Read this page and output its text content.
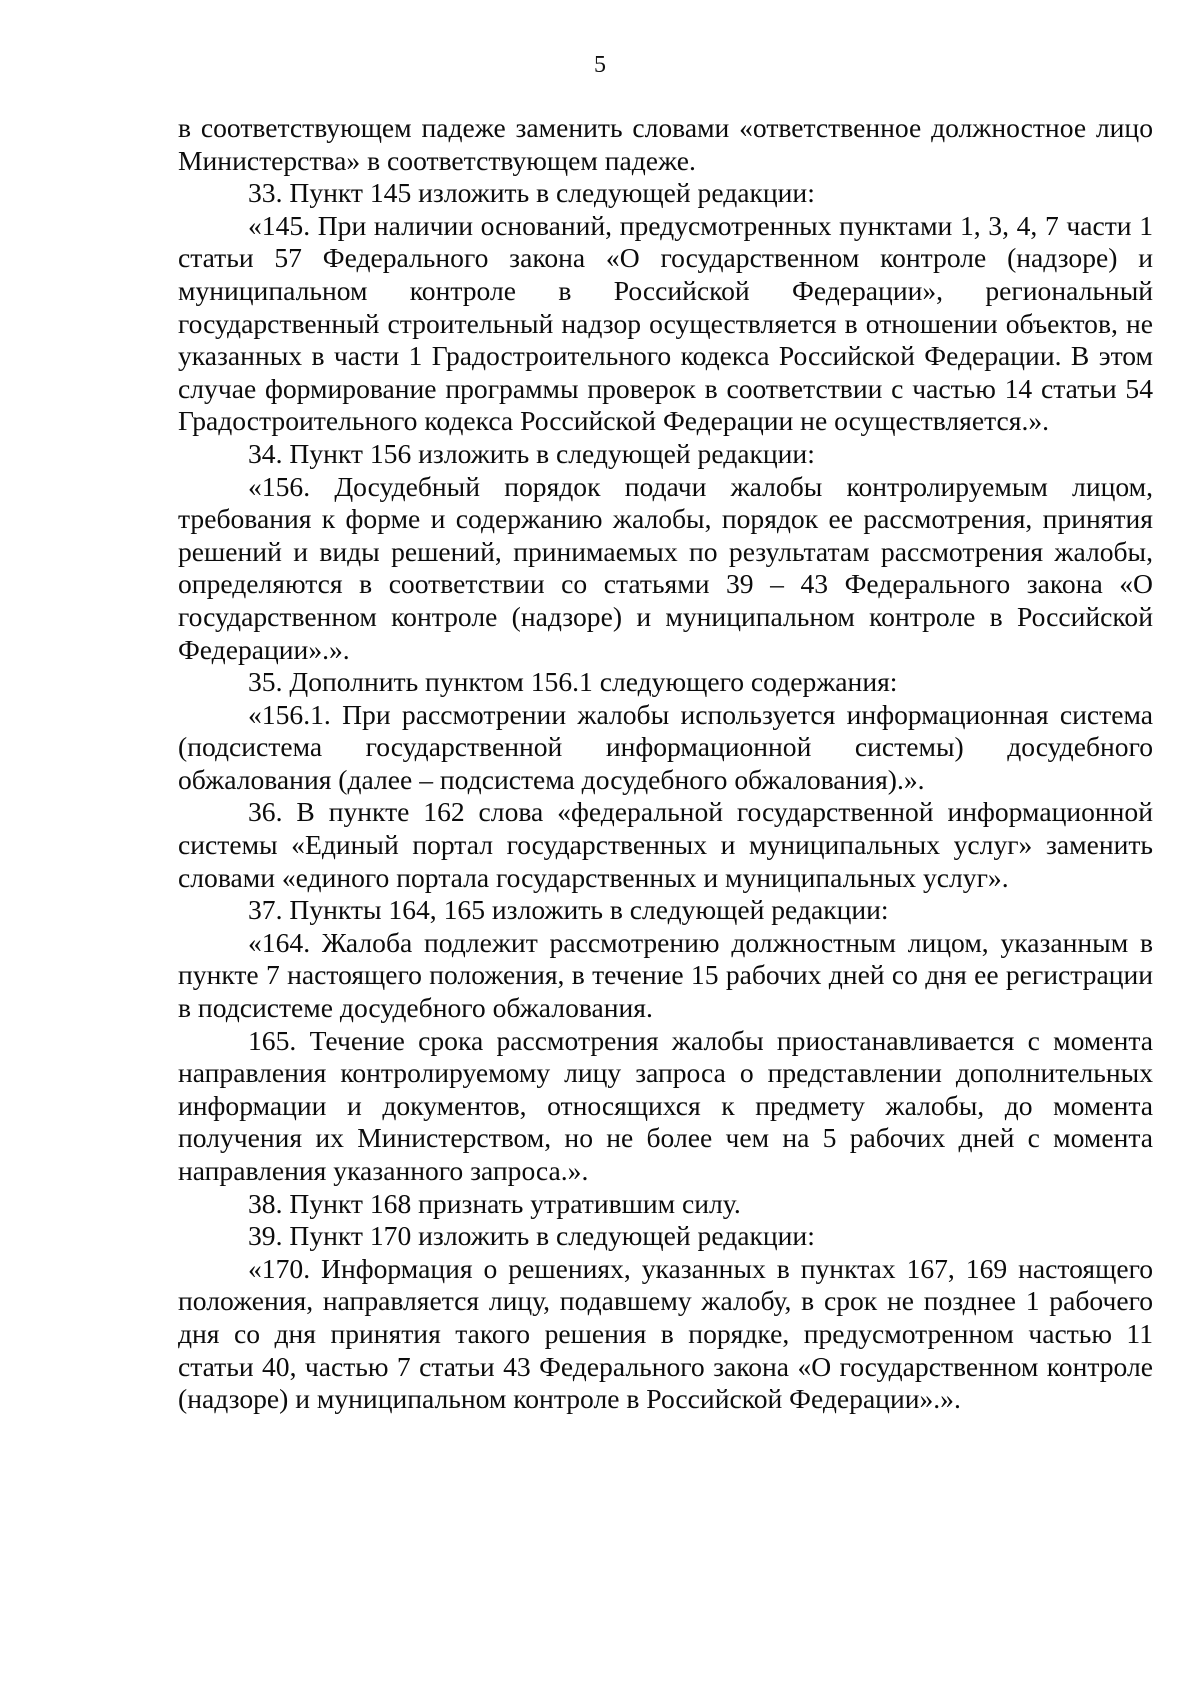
5

в соответствующем падеже заменить словами «ответственное должностное лицо Министерства» в соответствующем падеже.

33. Пункт 145 изложить в следующей редакции:

«145. При наличии оснований, предусмотренных пунктами 1, 3, 4, 7 части 1 статьи 57 Федерального закона «О государственном контроле (надзоре) и муниципальном контроле в Российской Федерации», региональный государственный строительный надзор осуществляется в отношении объектов, не указанных в части 1 Градостроительного кодекса Российской Федерации. В этом случае формирование программы проверок в соответствии с частью 14 статьи 54 Градостроительного кодекса Российской Федерации не осуществляется.».

34. Пункт 156 изложить в следующей редакции:

«156. Досудебный порядок подачи жалобы контролируемым лицом, требования к форме и содержанию жалобы, порядок ее рассмотрения, принятия решений и виды решений, принимаемых по результатам рассмотрения жалобы, определяются в соответствии со статьями 39 – 43 Федерального закона «О государственном контроле (надзоре) и муниципальном контроле в Российской Федерации».».

35. Дополнить пунктом 156.1 следующего содержания:

«156.1. При рассмотрении жалобы используется информационная система (подсистема государственной информационной системы) досудебного обжалования (далее – подсистема досудебного обжалования).».

36. В пункте 162 слова «федеральной государственной информационной системы «Единый портал государственных и муниципальных услуг» заменить словами «единого портала государственных и муниципальных услуг».

37. Пункты 164, 165 изложить в следующей редакции:

«164. Жалоба подлежит рассмотрению должностным лицом, указанным в пункте 7 настоящего положения, в течение 15 рабочих дней со дня ее регистрации в подсистеме досудебного обжалования.

165. Течение срока рассмотрения жалобы приостанавливается с момента направления контролируемому лицу запроса о представлении дополнительных информации и документов, относящихся к предмету жалобы, до момента получения их Министерством, но не более чем на 5 рабочих дней с момента направления указанного запроса.».

38. Пункт 168 признать утратившим силу.

39. Пункт 170 изложить в следующей редакции:

«170. Информация о решениях, указанных в пунктах 167, 169 настоящего положения, направляется лицу, подавшему жалобу, в срок не позднее 1 рабочего дня со дня принятия такого решения в порядке, предусмотренном частью 11 статьи 40, частью 7 статьи 43 Федерального закона «О государственном контроле (надзоре) и муниципальном контроле в Российской Федерации».».
